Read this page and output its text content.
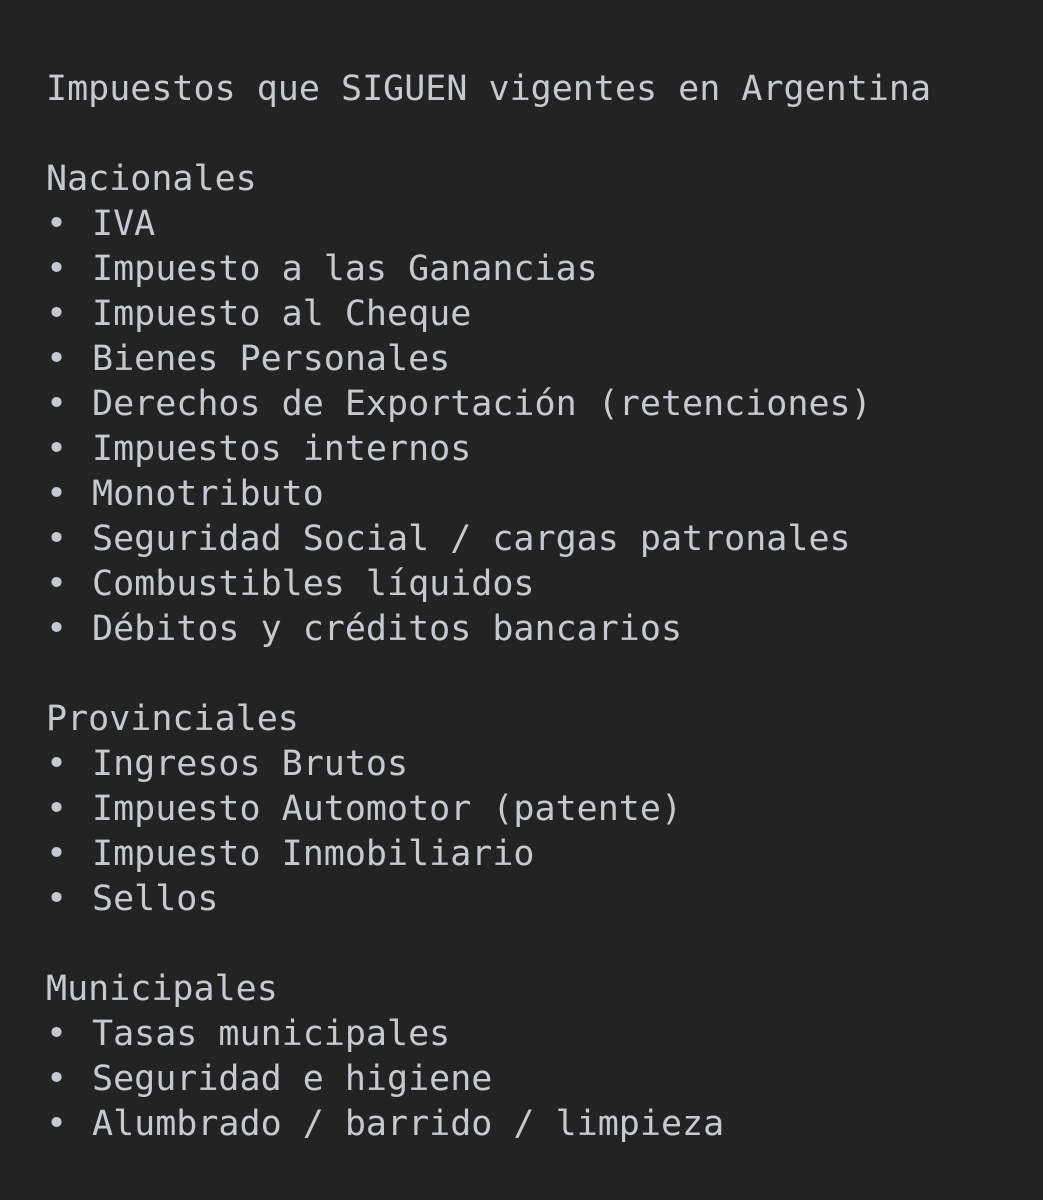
Impuestos que SIGUEN vigentes en Argentina
Nacionales
• IVA
• Impuesto a las Ganancias
• Impuesto al Cheque
• Bienes Personales
• Derechos de Exportación (retenciones)
• Impuestos internos
• Monotributo
• Seguridad Social / cargas patronales
• Combustibles líquidos
• Débitos y créditos bancarios
Provinciales
• Ingresos Brutos
• Impuesto Automotor (patente)
• Impuesto Inmobiliario
• Sellos
Municipales
• Tasas municipales
• Seguridad e higiene
• Alumbrado / barrido / limpieza
